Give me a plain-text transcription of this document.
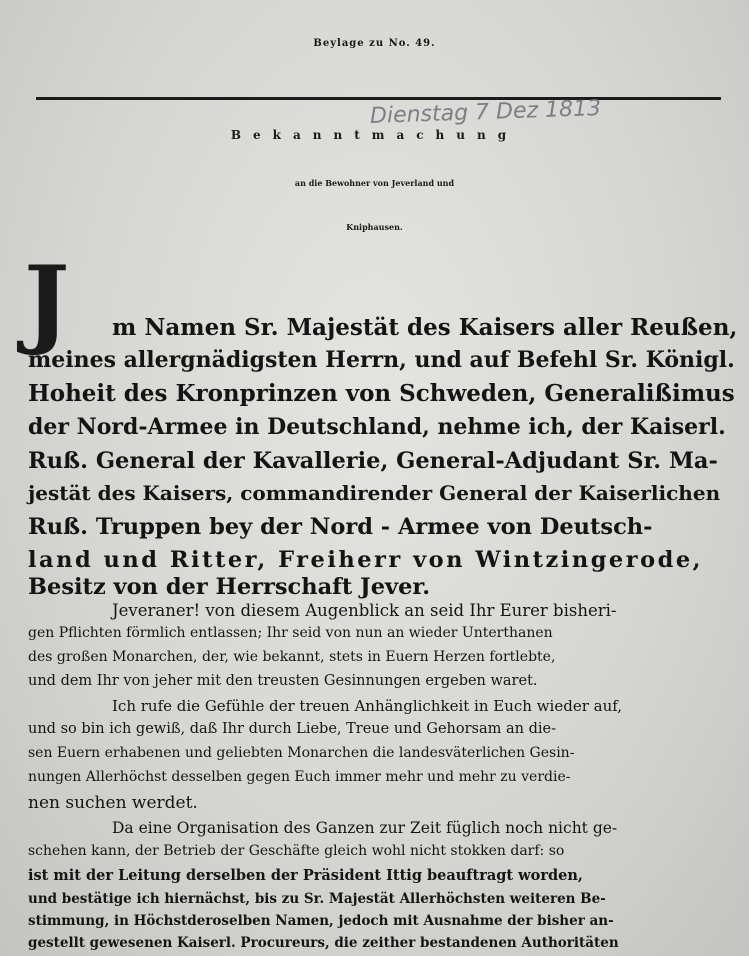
Beylage zu No. 49.
Dienstag 7 Dez 1813
Bekanntmachung
an die Bewohner von Jeverland und
Kniphausen.
J m Namen Sr. Majestät des Kaisers aller Reußen,
meines allergnädigsten Herrn, und auf Befehl Sr. Königl.
Hoheit des Kronprinzen von Schweden, Generalißimus
der Nord-Armee in Deutschland, nehme ich, der Kaiserl.
Ruß. General der Kavallerie, General-Adjudant Sr. Ma-
jestät des Kaisers, commandirender General der Kaiserlichen
Ruß. Truppen bey der Nord - Armee von Deutsch-
land und Ritter, Freiherr von Wintzingerode,
Besitz von der Herrschaft Jever.
Jeveraner! von diesem Augenblick an seid Ihr Eurer bisheri-
gen Pflichten förmlich entlassen; Ihr seid von nun an wieder Unterthanen
des großen Monarchen, der, wie bekannt, stets in Euern Herzen fortlebte,
und dem Ihr von jeher mit den treusten Gesinnungen ergeben waret.
Ich rufe die Gefühle der treuen Anhänglichkeit in Euch wieder auf,
und so bin ich gewiß, daß Ihr durch Liebe, Treue und Gehorsam an die-
sen Euern erhabenen und geliebten Monarchen die landesväterlichen Gesin-
nungen Allerhöchst desselben gegen Euch immer mehr und mehr zu verdie-
nen suchen werdet.
Da eine Organisation des Ganzen zur Zeit füglich noch nicht ge-
schehen kann, der Betrieb der Geschäfte gleich wohl nicht stokken darf: so
ist mit der Leitung derselben der Präsident Ittig beauftragt worden,
und bestätige ich hiernächst, bis zu Sr. Majestät Allerhöchsten weiteren Be-
stimmung, in Höchstderoselben Namen, jedoch mit Ausnahme der bisher an-
gestellt gewesenen Kaiserl. Procureurs, die zeither bestandenen Authoritäten
